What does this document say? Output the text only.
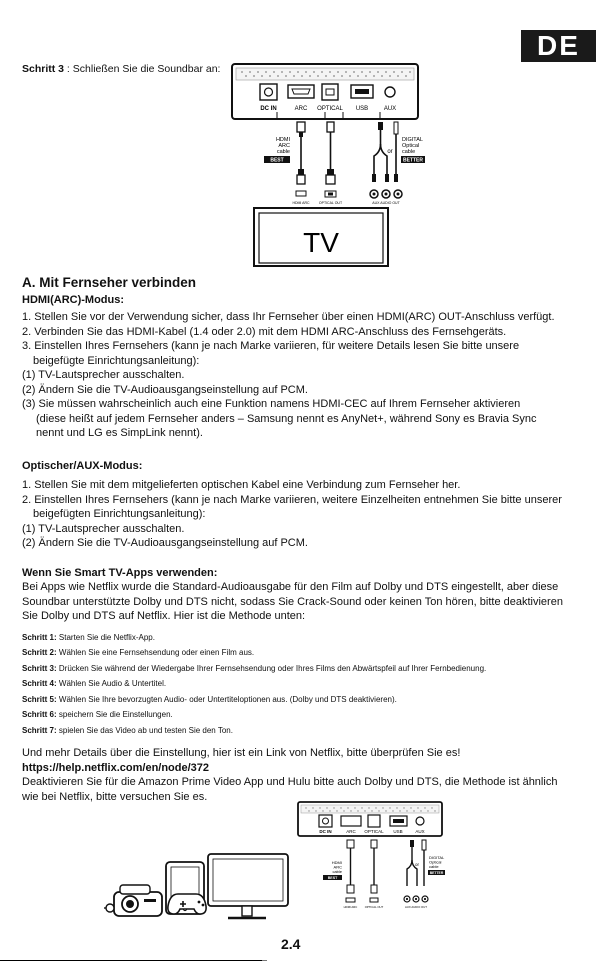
DE
Schritt 3 : Schließen Sie die Soundbar an:
DC IN	ARC OPTICAL USB	AUX
HDMI
ARC
cable
BEST
or
DIGITAL
Optical
cable
BETTER
HDMI ARC	OPTICAL OUT	AUX AUDIO OUT
TV
A. Mit Fernseher verbinden
HDMI(ARC)-Modus:
1. Stellen Sie vor der Verwendung sicher, dass Ihr Fernseher über einen HDMI(ARC) OUT-Anschluss verfügt.
2. Verbinden Sie das HDMI-Kabel (1.4 oder 2.0) mit dem HDMI ARC-Anschluss des Fernsehgeräts.
3. Einstellen Ihres Fernsehers (kann je nach Marke variieren, für weitere Details lesen Sie bitte unsere
beigefügte Einrichtungsanleitung):
(1) TV-Lautsprecher ausschalten.
(2) Ändern Sie die TV-Audioausgangseinstellung auf PCM.
(3) Sie müssen wahrscheinlich auch eine Funktion namens HDMI-CEC auf Ihrem Fernseher aktivieren
(diese heißt auf jedem Fernseher anders – Samsung nennt es AnyNet+, während Sony es Bravia Sync
nennt und LG es SimpLink nennt).
Optischer/AUX-Modus:
1. Stellen Sie mit dem mitgelieferten optischen Kabel eine Verbindung zum Fernseher her.
2. Einstellen Ihres Fernsehers (kann je nach Marke variieren, weitere Einzelheiten entnehmen Sie bitte unserer
beigefügten Einrichtungsanleitung):
(1) TV-Lautsprecher ausschalten.
(2) Ändern Sie die TV-Audioausgangseinstellung auf PCM.
Wenn Sie Smart TV-Apps verwenden:
Bei Apps wie Netflix wurde die Standard-Audioausgabe für den Film auf Dolby und DTS eingestellt, aber diese
Soundbar unterstützte Dolby und DTS nicht, sodass Sie Crack-Sound oder keinen Ton hören, bitte deaktivieren
Sie Dolby und DTS auf Netflix. Hier ist die Methode unten:
Schritt 1: Starten Sie die Netflix-App.
Schritt 2: Wählen Sie eine Fernsehsendung oder einen Film aus.
Schritt 3: Drücken Sie während der Wiedergabe Ihrer Fernsehsendung oder Ihres Films den Abwärtspfeil auf Ihrer Fernbedienung.
Schritt 4: Wählen Sie Audio & Untertitel.
Schritt 5: Wählen Sie Ihre bevorzugten Audio- oder Untertiteloptionen aus. (Dolby und DTS deaktivieren).
Schritt 6: speichern Sie die Einstellungen.
Schritt 7: spielen Sie das Video ab und testen Sie den Ton.
Und mehr Details über die Einstellung, hier ist ein Link von Netflix, bitte überprüfen Sie es!
https://help.netflix.com/en/node/372
Deaktivieren Sie für die Amazon Prime Video App und Hulu bitte auch Dolby und DTS, die Methode ist ähnlich
wie bei Netflix, bitte versuchen Sie es.
DC IN	ARC OPTICAL USB	AUX
HDMI
ARC
cable
BEST
or
DIGITAL
Optical
cable
BETTER
HDMI ARC	OPTICAL OUT	AUX AUDIO OUT
2.4
